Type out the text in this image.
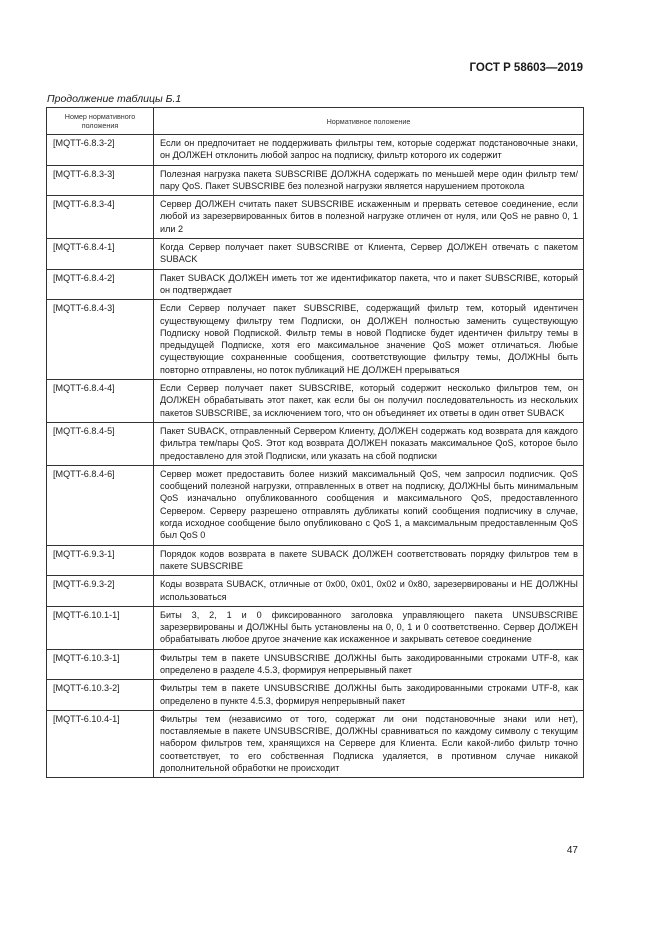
ГОСТ Р 58603—2019
Продолжение таблицы Б.1
Номер нормативного положения	Нормативное положение
[MQTT-6.8.3-2]	Если он предпочитает не поддерживать фильтры тем, которые содержат подстановочные знаки, он ДОЛЖЕН отклонить любой запрос на подписку, фильтр которого их содержит
[MQTT-6.8.3-3]	Полезная нагрузка пакета SUBSCRIBE ДОЛЖНА содержать по меньшей мере один фильтр тем/пару QoS. Пакет SUBSCRIBE без полезной нагрузки является нарушением протокола
[MQTT-6.8.3-4]	Сервер ДОЛЖЕН считать пакет SUBSCRIBE искаженным и прервать сетевое соединение, если любой из зарезервированных битов в полезной нагрузке отличен от нуля, или QoS не равно 0, 1 или 2
[MQTT-6.8.4-1]	Когда Сервер получает пакет SUBSCRIBE от Клиента, Сервер ДОЛЖЕН отвечать с пакетом SUBACK
[MQTT-6.8.4-2]	Пакет SUBACK ДОЛЖЕН иметь тот же идентификатор пакета, что и пакет SUBSCRIBE, который он подтверждает
[MQTT-6.8.4-3]	Если Сервер получает пакет SUBSCRIBE, содержащий фильтр тем, который идентичен существующему фильтру тем Подписки, он ДОЛЖЕН полностью заменить существующую Подписку новой Подпиской. Фильтр темы в новой Подписке будет идентичен фильтру темы в предыдущей Подписке, хотя его максимальное значение QoS может отличаться. Любые существующие сохраненные сообщения, соответствующие фильтру темы, ДОЛЖНЫ быть повторно отправлены, но поток публикаций НЕ ДОЛЖЕН прерываться
[MQTT-6.8.4-4]	Если Сервер получает пакет SUBSCRIBE, который содержит несколько фильтров тем, он ДОЛЖЕН обрабатывать этот пакет, как если бы он получил последовательность из нескольких пакетов SUBSCRIBE, за исключением того, что он объединяет их ответы в один ответ SUBACK
[MQTT-6.8.4-5]	Пакет SUBACK, отправленный Сервером Клиенту, ДОЛЖЕН содержать код возврата для каждого фильтра тем/пары QoS. Этот код возврата ДОЛЖЕН показать максимальное QoS, которое было предоставлено для этой Подписки, или указать на сбой подписки
[MQTT-6.8.4-6]	Сервер может предоставить более низкий максимальный QoS, чем запросил подписчик. QoS сообщений полезной нагрузки, отправленных в ответ на подписку, ДОЛЖНЫ быть минимальным QoS изначально опубликованного сообщения и максимального QoS, предоставленного Сервером. Серверу разрешено отправлять дубликаты копий сообщения подписчику в случае, когда исходное сообщение было опубликовано с QoS 1, а максимальным предоставленным QoS был QoS 0
[MQTT-6.9.3-1]	Порядок кодов возврата в пакете SUBACK ДОЛЖЕН соответствовать порядку фильтров тем в пакете SUBSCRIBE
[MQTT-6.9.3-2]	Коды возврата SUBACK, отличные от 0x00, 0x01, 0x02 и 0x80, зарезервированы и НЕ ДОЛЖНЫ использоваться
[MQTT-6.10.1-1]	Биты 3, 2, 1 и 0 фиксированного заголовка управляющего пакета UNSUBSCRIBE зарезервированы и ДОЛЖНЫ быть установлены на 0, 0, 1 и 0 соответственно. Сервер ДОЛЖЕН обрабатывать любое другое значение как искаженное и закрывать сетевое соединение
[MQTT-6.10.3-1]	Фильтры тем в пакете UNSUBSCRIBE ДОЛЖНЫ быть закодированными строками UTF-8, как определено в разделе 4.5.3, формируя непрерывный пакет
[MQTT-6.10.3-2]	Фильтры тем в пакете UNSUBSCRIBE ДОЛЖНЫ быть закодированными строками UTF-8, как определено в пункте 4.5.3, формируя непрерывный пакет
[MQTT-6.10.4-1]	Фильтры тем (независимо от того, содержат ли они подстановочные знаки или нет), поставляемые в пакете UNSUBSCRIBE, ДОЛЖНЫ сравниваться по каждому символу с текущим набором фильтров тем, хранящихся на Сервере для Клиента. Если какой-либо фильтр точно соответствует, то его собственная Подписка удаляется, в противном случае никакой дополнительной обработки не происходит
47
